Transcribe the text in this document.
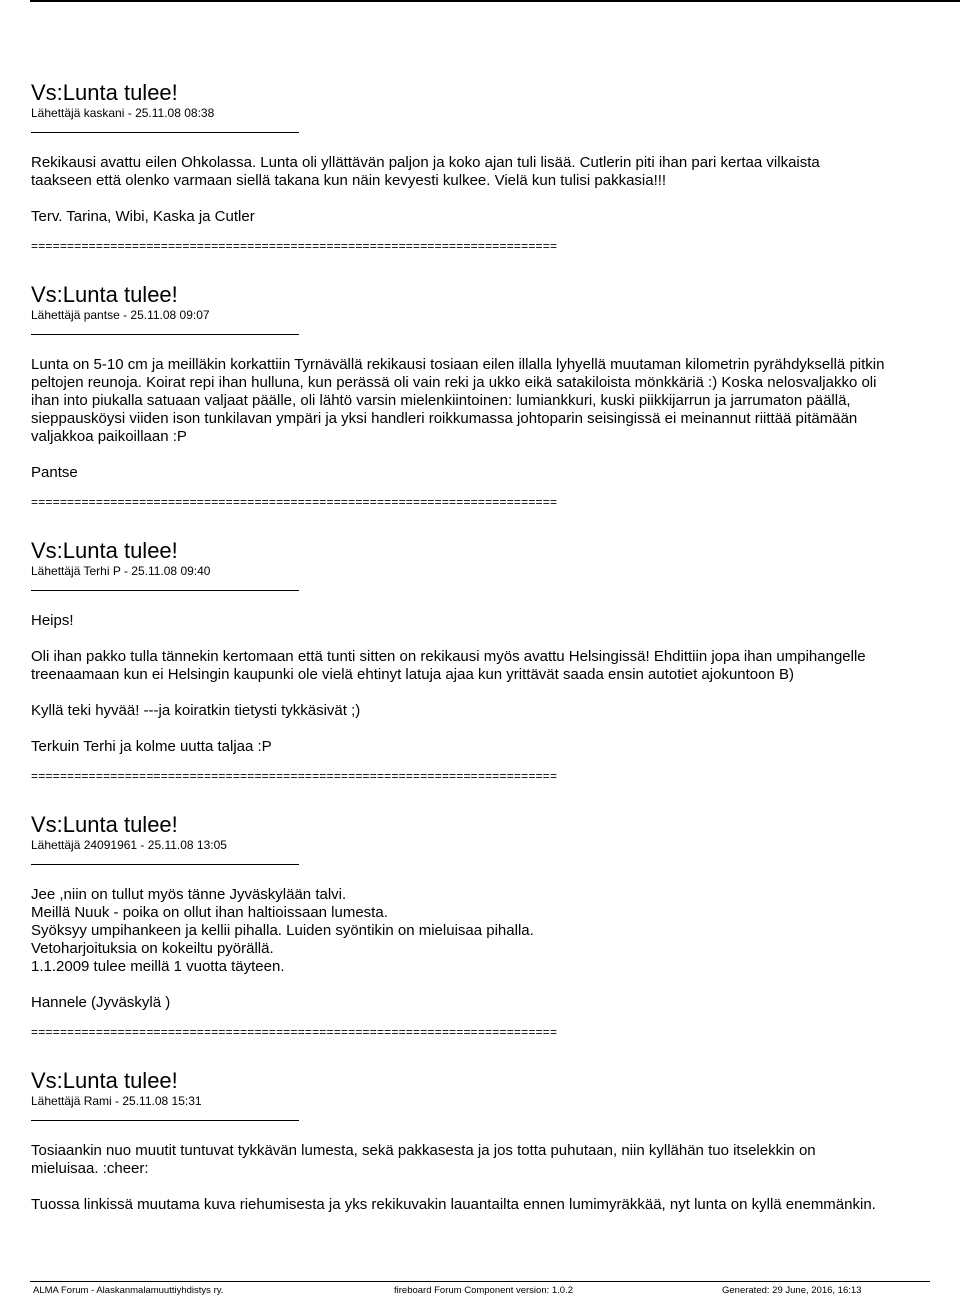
Vs:Lunta tulee!
Lähettäjä kaskani - 25.11.08 08:38

Rekikausi avattu eilen Ohkolassa. Lunta oli yllättävän paljon ja koko ajan tuli lisää. Cutlerin piti ihan pari kertaa vilkaista
taakseen että olenko varmaan siellä takana kun näin kevyesti kulkee. Vielä kun tulisi pakkasia!!!

Terv. Tarina, Wibi, Kaska ja Cutler

=========================================================================
Vs:Lunta tulee!
Lähettäjä pantse - 25.11.08 09:07

Lunta on 5-10 cm ja meilläkin korkattiin Tyrnävällä rekikausi tosiaan eilen illalla lyhyellä muutaman kilometrin pyrähdyksellä pitkin
peltojen reunoja. Koirat repi ihan hulluna, kun perässä oli vain reki ja ukko eikä satakiloista mönkkäriä :) Koska nelosvaljakko oli
ihan into piukalla satuaan valjaat päälle, oli lähtö varsin mielenkiintoinen: lumiankkuri, kuski piikkijarrun ja jarrumaton päällä,
sieppausköysi viiden ison tunkilavan ympäri ja yksi handleri roikkumassa johtoparin seisingissä ei meinannut riittää pitämään
valjakkoa paikoillaan :P

Pantse

=========================================================================
Vs:Lunta tulee!
Lähettäjä Terhi P - 25.11.08 09:40

Heips!

Oli ihan pakko tulla tännekin kertomaan että tunti sitten on rekikausi myös avattu Helsingissä! Ehdittiin jopa ihan umpihangelle
treenaamaan kun ei Helsingin kaupunki ole vielä ehtinyt latuja ajaa kun yrittävät saada ensin autotiet ajokuntoon B)

Kyllä teki hyvää! ---ja koiratkin tietysti tykkäsivät ;)

Terkuin Terhi ja kolme uutta taljaa :P

=========================================================================
Vs:Lunta tulee!
Lähettäjä 24091961 - 25.11.08 13:05

Jee ,niin on tullut myös tänne Jyväskylään talvi.
Meillä Nuuk - poika on ollut ihan haltioissaan lumesta.
Syöksyy umpihankeen ja kellii pihalla. Luiden syöntikin on mieluisaa pihalla.
Vetoharjoituksia on kokeiltu pyörällä.
1.1.2009 tulee meillä 1 vuotta täyteen.

Hannele (Jyväskylä )

=========================================================================
Vs:Lunta tulee!
Lähettäjä Rami - 25.11.08 15:31

Tosiaankin nuo muutit tuntuvat tykkävän lumesta, sekä pakkasesta ja jos totta puhutaan, niin kyllähän tuo itselekkin on
mieluisaa. :cheer:

Tuossa linkissä muutama kuva riehumisesta ja yks rekikuvakin lauantailta ennen lumimyräkkää, nyt lunta on kyllä enemmänkin.

ALMA Forum - Alaskanmalamuuttiyhdistys ry.	fireboard Forum Component version: 1.0.2	Generated: 29 June, 2016, 16:13
